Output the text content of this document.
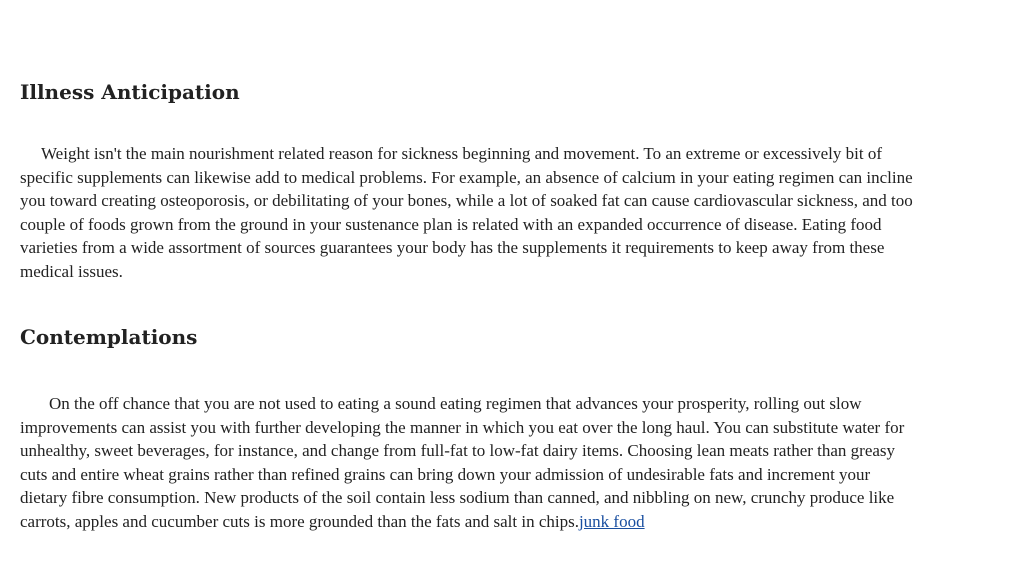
Illness Anticipation

Weight isn't the main nourishment related reason for sickness beginning and movement. To an extreme or excessively bit of
specific supplements can likewise add to medical problems. For example, an absence of calcium in your eating regimen can incline
you toward creating osteoporosis, or debilitating of your bones, while a lot of soaked fat can cause cardiovascular sickness, and too
couple of foods grown from the ground in your sustenance plan is related with an expanded occurrence of disease. Eating food
varieties from a wide assortment of sources guarantees your body has the supplements it requirements to keep away from these
medical issues.

Contemplations

On the off chance that you are not used to eating a sound eating regimen that advances your prosperity, rolling out slow
improvements can assist you with further developing the manner in which you eat over the long haul. You can substitute water for
unhealthy, sweet beverages, for instance, and change from full-fat to low-fat dairy items. Choosing lean meats rather than greasy
cuts and entire wheat grains rather than refined grains can bring down your admission of undesirable fats and increment your
dietary fibre consumption. New products of the soil contain less sodium than canned, and nibbling on new, crunchy produce like
carrots, apples and cucumber cuts is more grounded than the fats and salt in chips.junk food
